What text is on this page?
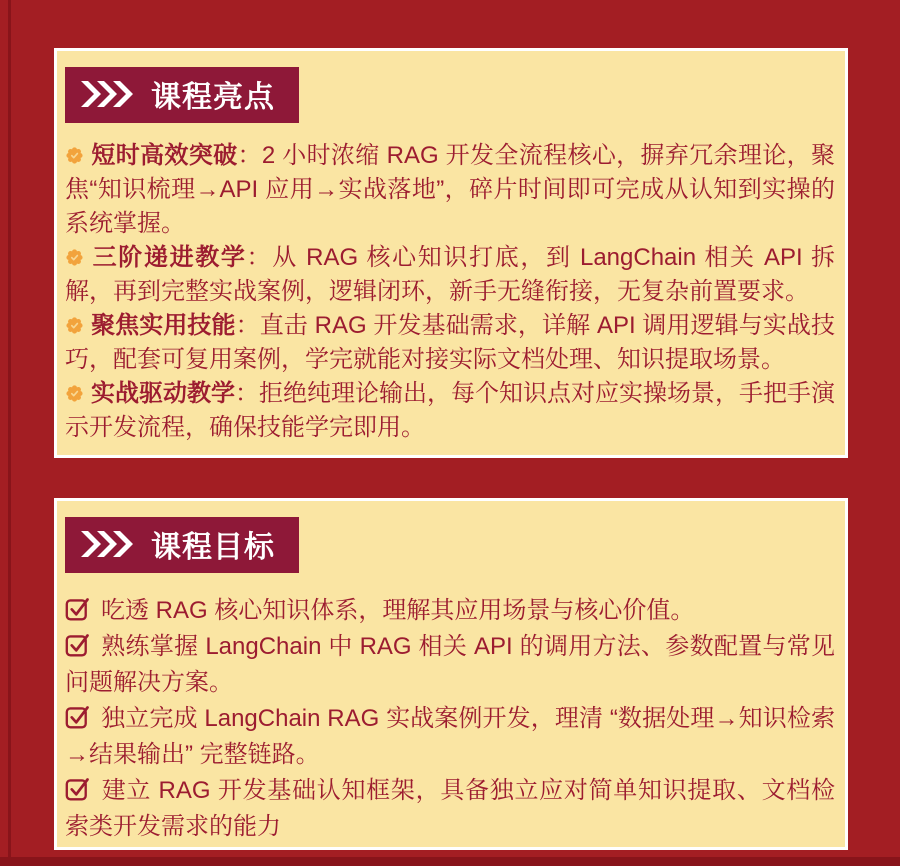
课程亮点

短时高效突破：2 小时浓缩 RAG 开发全流程核心，摒弃冗余理论，聚焦“知识梳理→API 应用→实战落地”，碎片时间即可完成从认知到实操的系统掌握。

三阶递进教学：从 RAG 核心知识打底，到 LangChain 相关 API 拆解，再到完整实战案例，逻辑闭环，新手无缝衔接，无复杂前置要求。

聚焦实用技能：直击 RAG 开发基础需求，详解 API 调用逻辑与实战技巧，配套可复用案例，学完就能对接实际文档处理、知识提取场景。

实战驱动教学：拒绝纯理论输出，每个知识点对应实操场景，手把手演示开发流程，确保技能学完即用。

课程目标

吃透 RAG 核心知识体系，理解其应用场景与核心价值。

熟练掌握 LangChain 中 RAG 相关 API 的调用方法、参数配置与常见问题解决方案。

独立完成 LangChain RAG 实战案例开发，理清 “数据处理→知识检索→结果输出” 完整链路。

建立 RAG 开发基础认知框架，具备独立应对简单知识提取、文档检索类开发需求的能力
